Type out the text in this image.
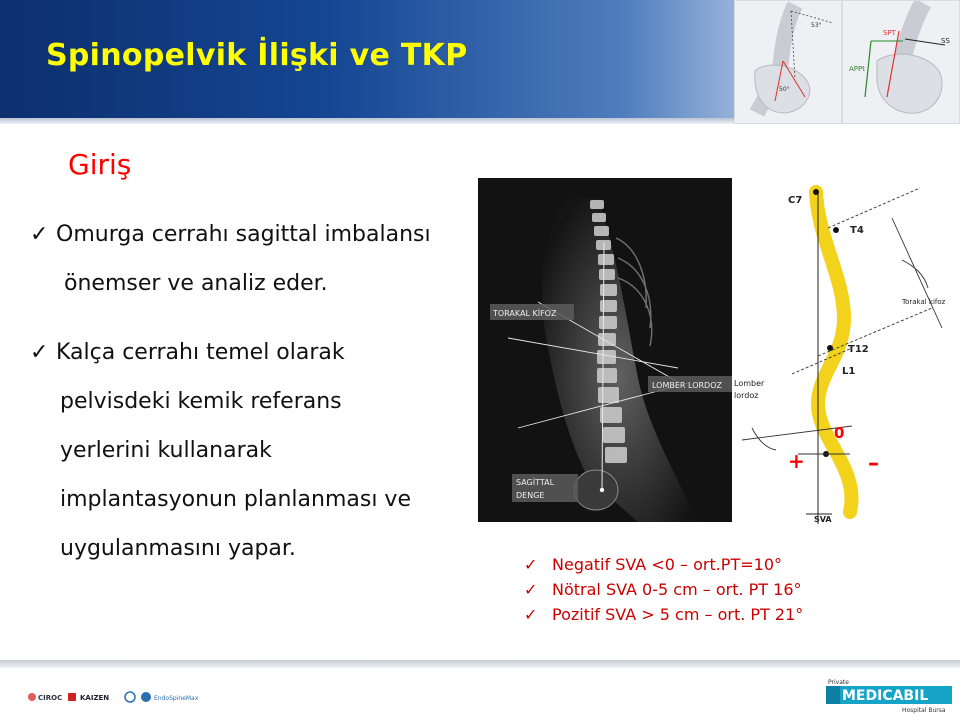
Spinopelvik İlişki ve TKP
53°
50°
SPT
SS
APPt
Giriş
✓ Omurga cerrahı sagittal imbalansı
önemser ve analiz eder.
✓ Kalça cerrahı temel olarak
pelvisdeki kemik referans
yerlerini kullanarak
implantasyonun planlanması ve
uygulanmasını yapar.
TORAKAL KİFOZ
LOMBER LORDOZ
SAGİTTAL
DENGE
C7
T4
T12
L1
Torakal kifoz
Lomber
lordoz
0
+	–
SVA
✓ Negatif SVA <0 – ort.PT=10°
✓ Nötral SVA 0-5 cm – ort. PT 16°
✓ Pozitif SVA > 5 cm – ort. PT 21°
CIROC	KAIZEN	EndoSpineMax
Private
MEDICABIL
Hospital Bursa
